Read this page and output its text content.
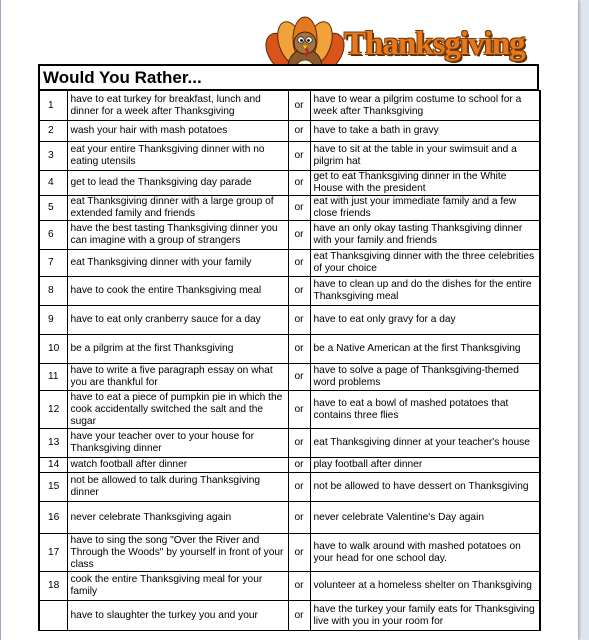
Thanksgiving
Would You Rather...
1	have to eat turkey for breakfast, lunch and dinner for a week after Thanksgiving	or	have to wear a pilgrim costume to school for a week after Thanksgiving
2	wash your hair with mash potatoes	or	have to take a bath in gravy
3	eat your entire Thanksgiving dinner with no eating utensils	or	have to sit at the table in your swimsuit and a pilgrim hat
4	get to lead the Thanksgiving day parade	or	get to eat Thanksgiving dinner in the White House with the president
5	eat Thanksgiving dinner with a large group of extended family and friends	or	eat with just your immediate family and a few close friends
6	have the best tasting Thanksgiving dinner you can imagine with a group of strangers	or	have an only okay tasting Thanksgiving dinner with your family and friends
7	eat Thanksgiving dinner with your family	or	eat Thanksgiving dinner with the three celebrities of your choice
8	have to cook the entire Thanksgiving meal	or	have to clean up and do the dishes for the entire Thanksgiving meal
9	have to eat only cranberry sauce for a day	or	have to eat only gravy for a day
10	be a pilgrim at the first Thanksgiving	or	be a Native American at the first Thanksgiving
11	have to write a five paragraph essay on what you are thankful for	or	have to solve a page of Thanksgiving-themed word problems
12	have to eat a piece of pumpkin pie in which the cook accidentally switched the salt and the sugar	or	have to eat a bowl of mashed potatoes that contains three flies
13	have your teacher over to your house for Thanksgiving dinner	or	eat Thanksgiving dinner at your teacher's house
14	watch football after dinner	or	play football after dinner
15	not be allowed to talk during Thanksgiving dinner	or	not be allowed to have dessert on Thanksgiving
16	never celebrate Thanksgiving again	or	never celebrate Valentine's Day again
17	have to sing the song "Over the River and Through the Woods" by yourself in front of your class	or	have to walk around with mashed potatoes on your head for one school day.
18	cook the entire Thanksgiving meal for your family	or	volunteer at a homeless shelter on Thanksgiving
	have to slaughter the turkey you and your	or	have the turkey your family eats for Thanksgiving live with you in your room for
